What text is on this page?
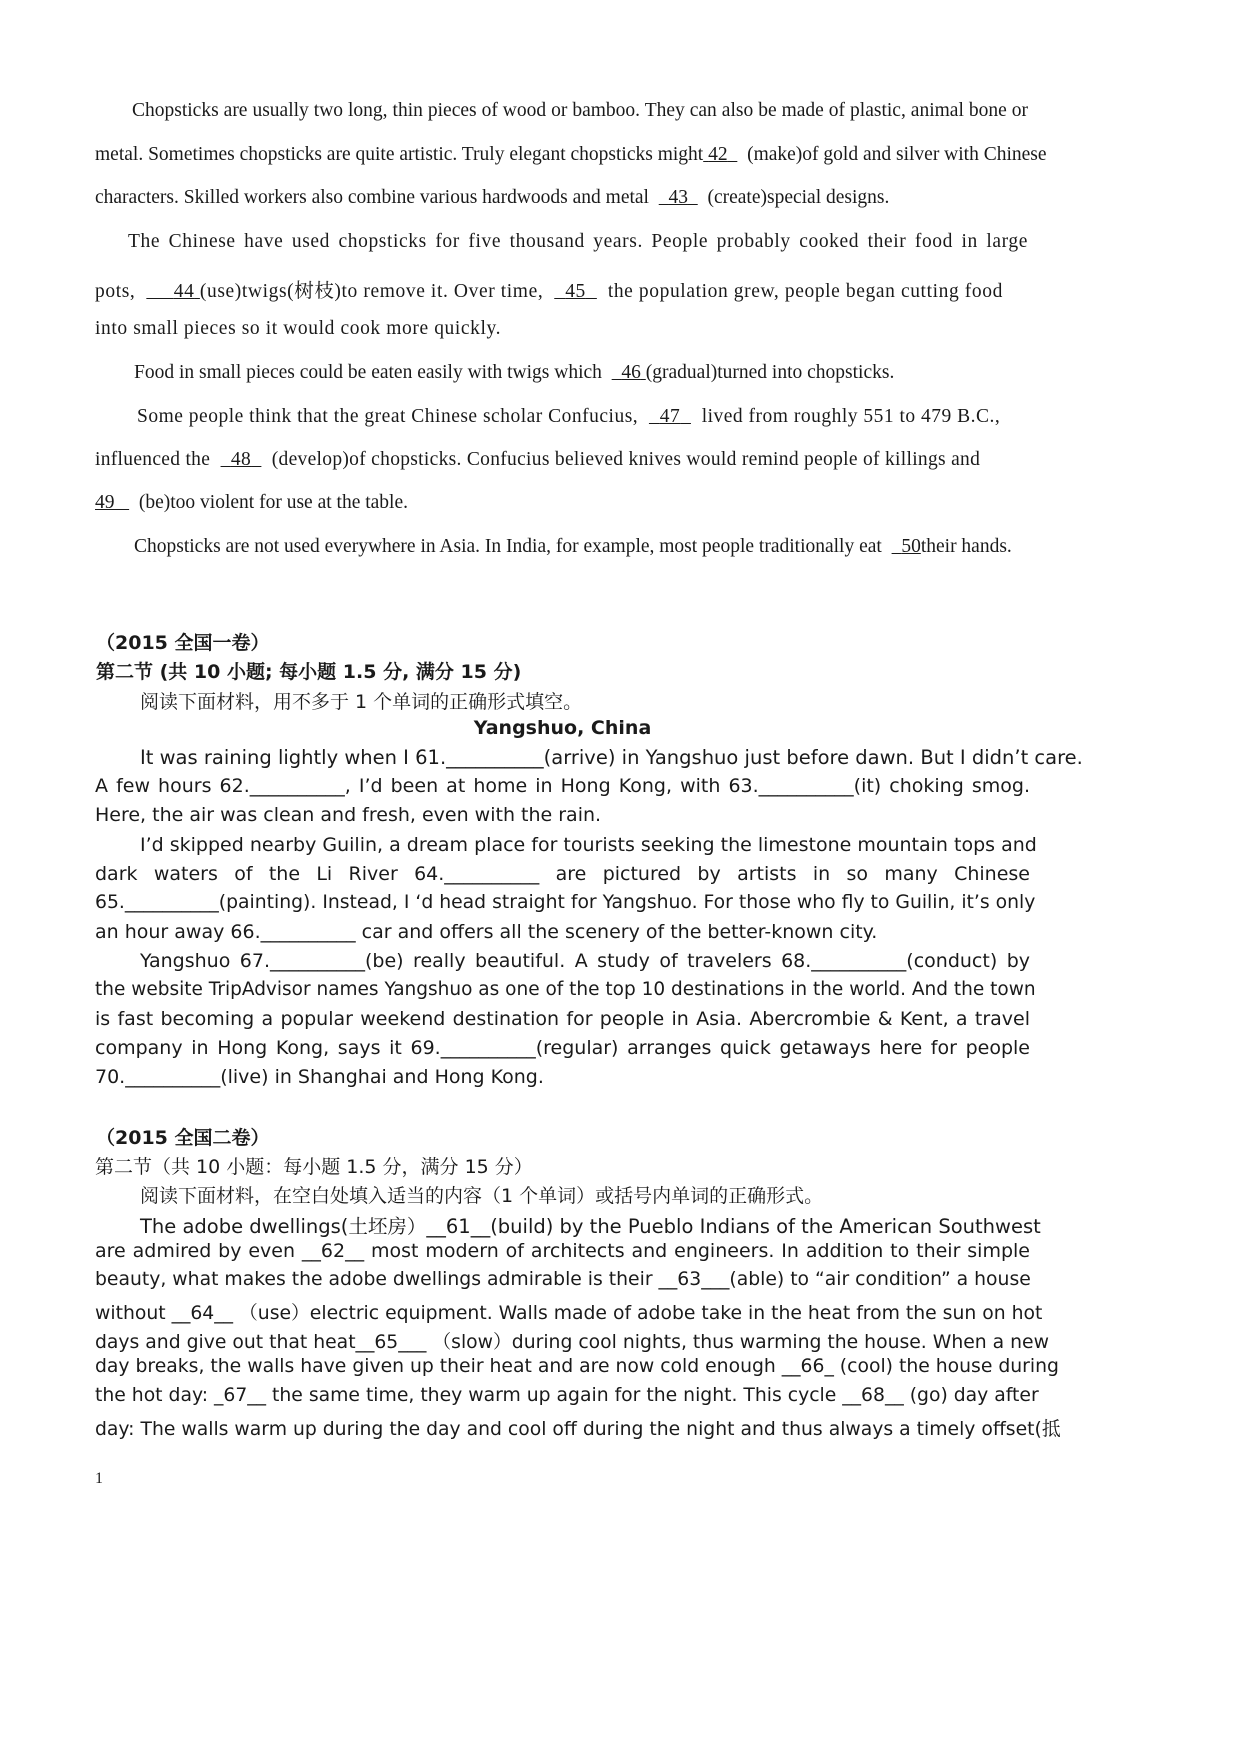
Chopsticks are usually two long, thin pieces of wood or bamboo. They can also be made of plastic, animal bone or
metal. Sometimes chopsticks are quite artistic. Truly elegant chopsticks might 42 (make)of gold and silver with Chinese
characters. Skilled workers also combine various hardwoods and metal 43 (create)special designs.
The Chinese have used chopsticks for five thousand years. People probably cooked their food in large
pots, 44 (use)twigs(树枝)to remove it. Over time, 45 the population grew, people began cutting food
into small pieces so it would cook more quickly.
Food in small pieces could be eaten easily with twigs which 46 (gradual)turned into chopsticks.
Some people think that the great Chinese scholar Confucius, 47 lived from roughly 551 to 479 B.C.,
influenced the 48 (develop)of chopsticks. Confucius believed knives would remind people of killings and
49 (be)too violent for use at the table.
Chopsticks are not used everywhere in Asia. In India, for example, most people traditionally eat 50their hands.
（2015 全国一卷）
第二节 (共 10 小题; 每小题 1.5 分, 满分 15 分)
阅读下面材料，用不多于 1 个单词的正确形式填空。
Yangshuo, China
It was raining lightly when I 61.__________(arrive) in Yangshuo just before dawn. But I didn’t care.
A few hours 62.__________, I’d been at home in Hong Kong, with 63.__________(it) choking smog.
Here, the air was clean and fresh, even with the rain.
I’d skipped nearby Guilin, a dream place for tourists seeking the limestone mountain tops and
dark waters of the Li River 64.__________ are pictured by artists in so many Chinese
65.__________(painting). Instead, I ‘d head straight for Yangshuo. For those who fly to Guilin, it’s only
an hour away 66.__________ car and offers all the scenery of the better-known city.
Yangshuo 67.__________(be) really beautiful. A study of travelers 68.__________(conduct) by
the website TripAdvisor names Yangshuo as one of the top 10 destinations in the world. And the town
is fast becoming a popular weekend destination for people in Asia. Abercrombie & Kent, a travel
company in Hong Kong, says it 69.__________(regular) arranges quick getaways here for people
70.__________(live) in Shanghai and Hong Kong.
（2015 全国二卷）
第二节（共 10 小题：每小题 1.5 分，满分 15 分）
阅读下面材料，在空白处填入适当的内容（1 个单词）或括号内单词的正确形式。
The adobe dwellings(土坯房）__61__(build) by the Pueblo Indians of the American Southwest
are admired by even __62__ most modern of architects and engineers. In addition to their simple
beauty, what makes the adobe dwellings admirable is their __63___(able) to “air condition” a house
without __64__ （use）electric equipment. Walls made of adobe take in the heat from the sun on hot
days and give out that heat__65___ （slow）during cool nights, thus warming the house. When a new
day breaks, the walls have given up their heat and are now cold enough __66_ (cool) the house during
the hot day: _67__ the same time, they warm up again for the night. This cycle __68__ (go) day after
day: The walls warm up during the day and cool off during the night and thus always a timely offset(抵
1
